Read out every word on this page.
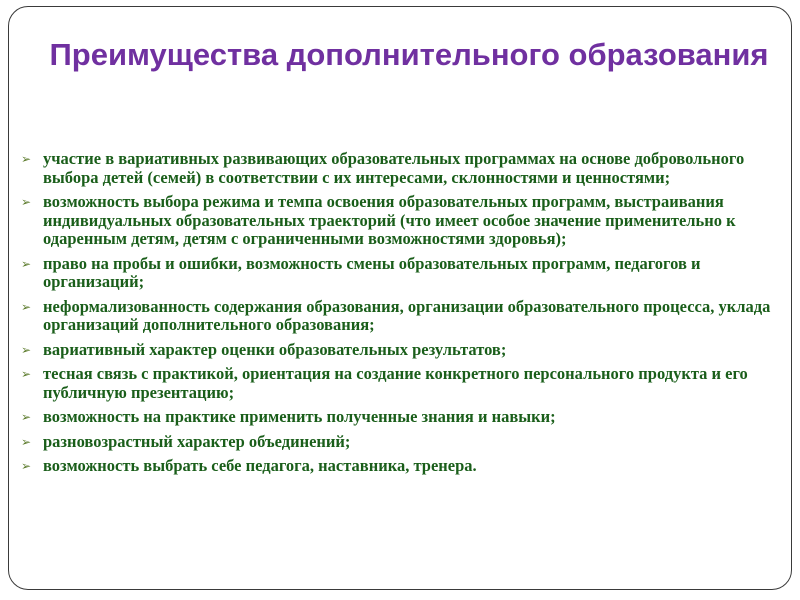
Преимущества дополнительного образования
➢ участие в вариативных развивающих образовательных программах на основе добровольного выбора детей (семей) в соответствии с их интересами, склонностями и ценностями;
➢ возможность выбора режима и темпа освоения образовательных программ, выстраивания индивидуальных образовательных траекторий (что имеет особое значение применительно к одаренным детям, детям с ограниченными возможностями здоровья);
➢ право на пробы и ошибки, возможность смены образовательных программ, педагогов и организаций;
➢ неформализованность содержания образования, организации образовательного процесса, уклада организаций дополнительного образования;
➢ вариативный характер оценки образовательных результатов;
➢ тесная связь с практикой, ориентация на создание конкретного персонального продукта и его публичную презентацию;
➢ возможность на практике применить полученные знания и навыки;
➢ разновозрастный характер объединений;
➢ возможность выбрать себе педагога, наставника, тренера.
